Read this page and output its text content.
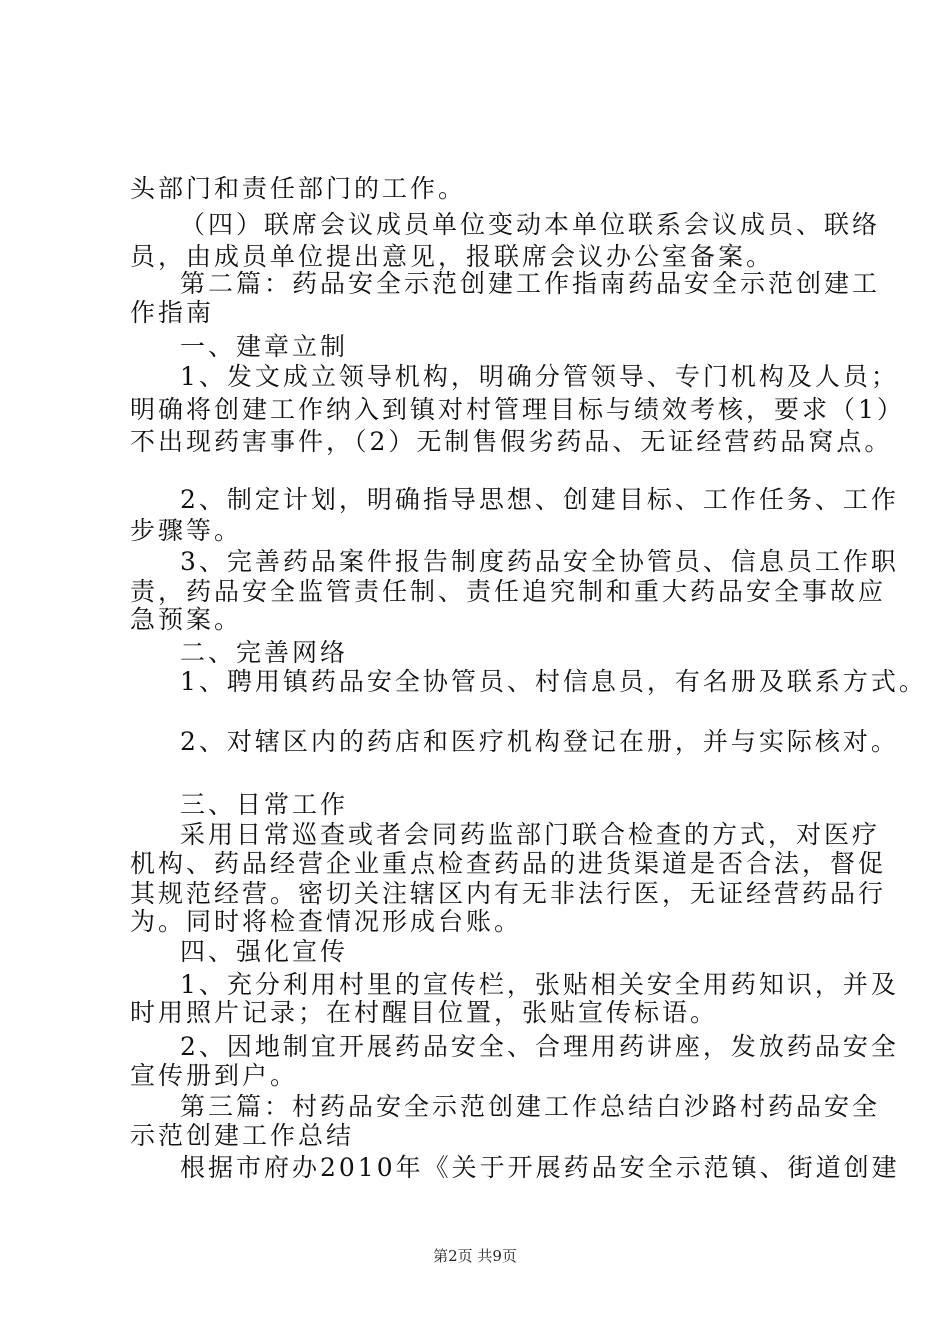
头部门和责任部门的工作。
（四）联席会议成员单位变动本单位联系会议成员、联络
员，由成员单位提出意见，报联席会议办公室备案。
第二篇：药品安全示范创建工作指南药品安全示范创建工
作指南
一、建章立制
1、发文成立领导机构，明确分管领导、专门机构及人员；
明确将创建工作纳入到镇对村管理目标与绩效考核，要求（1）
不出现药害事件，（2）无制售假劣药品、无证经营药品窝点。
2、制定计划，明确指导思想、创建目标、工作任务、工作
步骤等。
3、完善药品案件报告制度药品安全协管员、信息员工作职
责，药品安全监管责任制、责任追究制和重大药品安全事故应
急预案。
二、完善网络
1、聘用镇药品安全协管员、村信息员，有名册及联系方式。
2、对辖区内的药店和医疗机构登记在册，并与实际核对。
三、日常工作
采用日常巡查或者会同药监部门联合检查的方式，对医疗
机构、药品经营企业重点检查药品的进货渠道是否合法，督促
其规范经营。密切关注辖区内有无非法行医，无证经营药品行
为。同时将检查情况形成台账。
四、强化宣传
1、充分利用村里的宣传栏，张贴相关安全用药知识，并及
时用照片记录；在村醒目位置，张贴宣传标语。
2、因地制宜开展药品安全、合理用药讲座，发放药品安全
宣传册到户。
第三篇：村药品安全示范创建工作总结白沙路村药品安全
示范创建工作总结
根据市府办2010年《关于开展药品安全示范镇、街道创建
第2页 共9页
